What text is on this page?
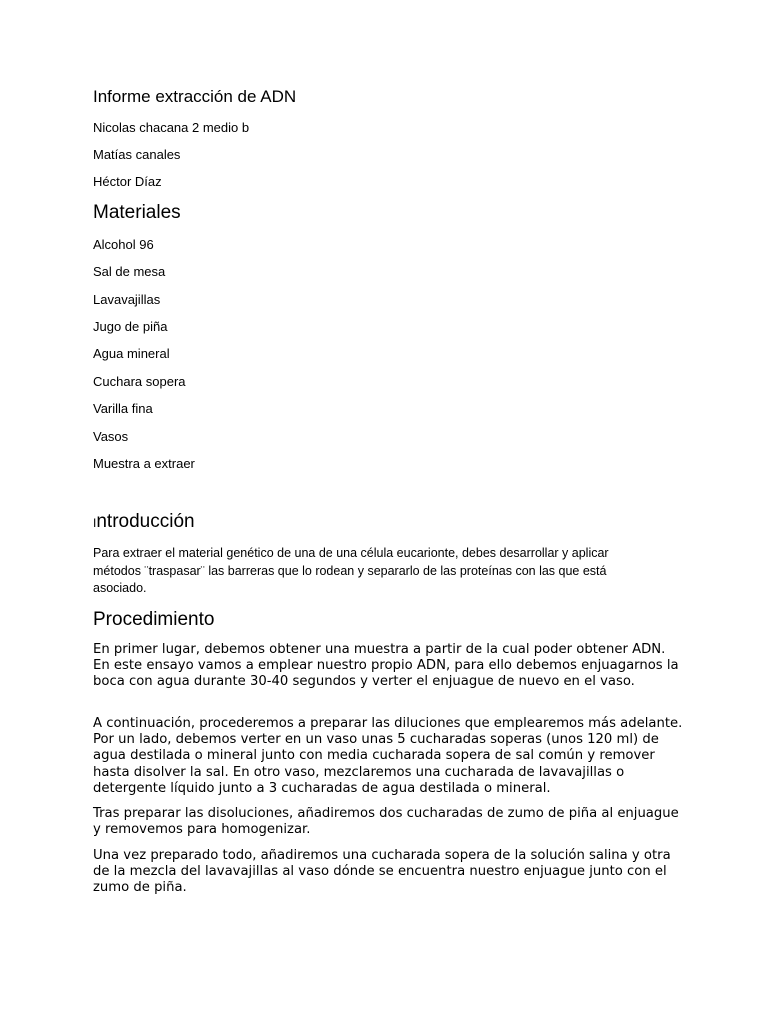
Informe extracción de ADN

Nicolas chacana 2 medio b

Matías canales

Héctor Díaz

Materiales

Alcohol 96

Sal de mesa

Lavavajillas

Jugo de piña

Agua mineral

Cuchara sopera

Varilla fina

Vasos

Muestra a extraer

Introducción

Para extraer el material genético de una de una célula eucarionte, debes desarrollar y aplicar métodos ¨traspasar¨ las barreras que lo rodean y separarlo de las proteínas con las que está asociado.

Procedimiento

En primer lugar, debemos obtener una muestra a partir de la cual poder obtener ADN. En este ensayo vamos a emplear nuestro propio ADN, para ello debemos enjuagarnos la boca con agua durante 30-40 segundos y verter el enjuague de nuevo en el vaso.

A continuación, procederemos a preparar las diluciones que emplearemos más adelante. Por un lado, debemos verter en un vaso unas 5 cucharadas soperas (unos 120 ml) de agua destilada o mineral junto con media cucharada sopera de sal común y remover hasta disolver la sal. En otro vaso, mezclaremos una cucharada de lavavajillas o detergente líquido junto a 3 cucharadas de agua destilada o mineral.

Tras preparar las disoluciones, añadiremos dos cucharadas de zumo de piña al enjuague y removemos para homogenizar.

Una vez preparado todo, añadiremos una cucharada sopera de la solución salina y otra de la mezcla del lavavajillas al vaso dónde se encuentra nuestro enjuague junto con el zumo de piña.
